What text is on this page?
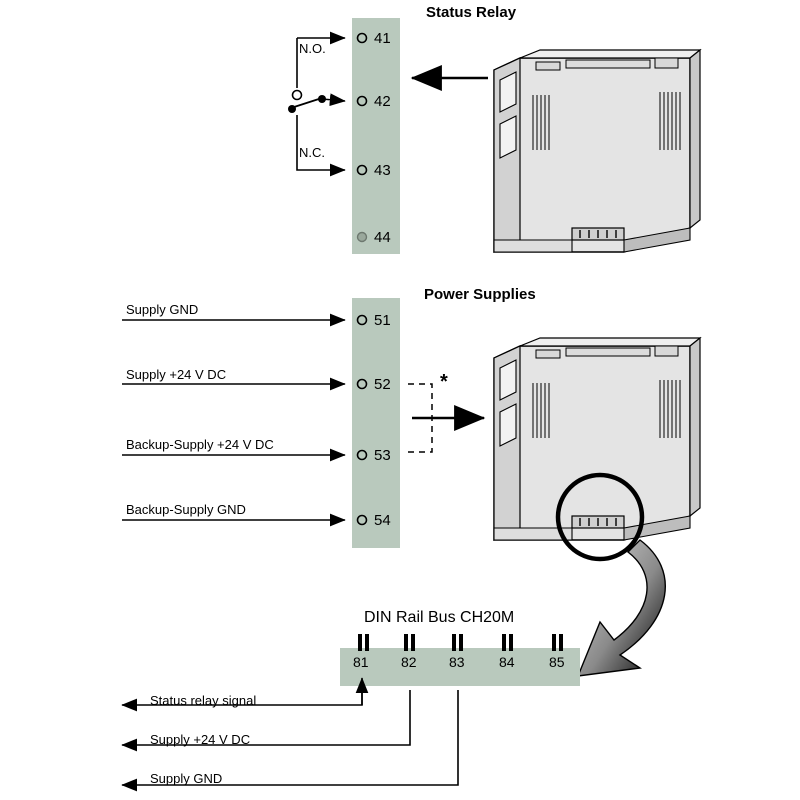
Status Relay
Power Supplies
DIN Rail Bus CH20M
41
42
43
44
N.O.
N.C.
51
52
53
54
Supply GND
Supply +24 V DC
Backup-Supply +24 V DC
Backup-Supply GND
*
81 82 83 84 85
Status relay signal
Supply +24 V DC
Supply GND
